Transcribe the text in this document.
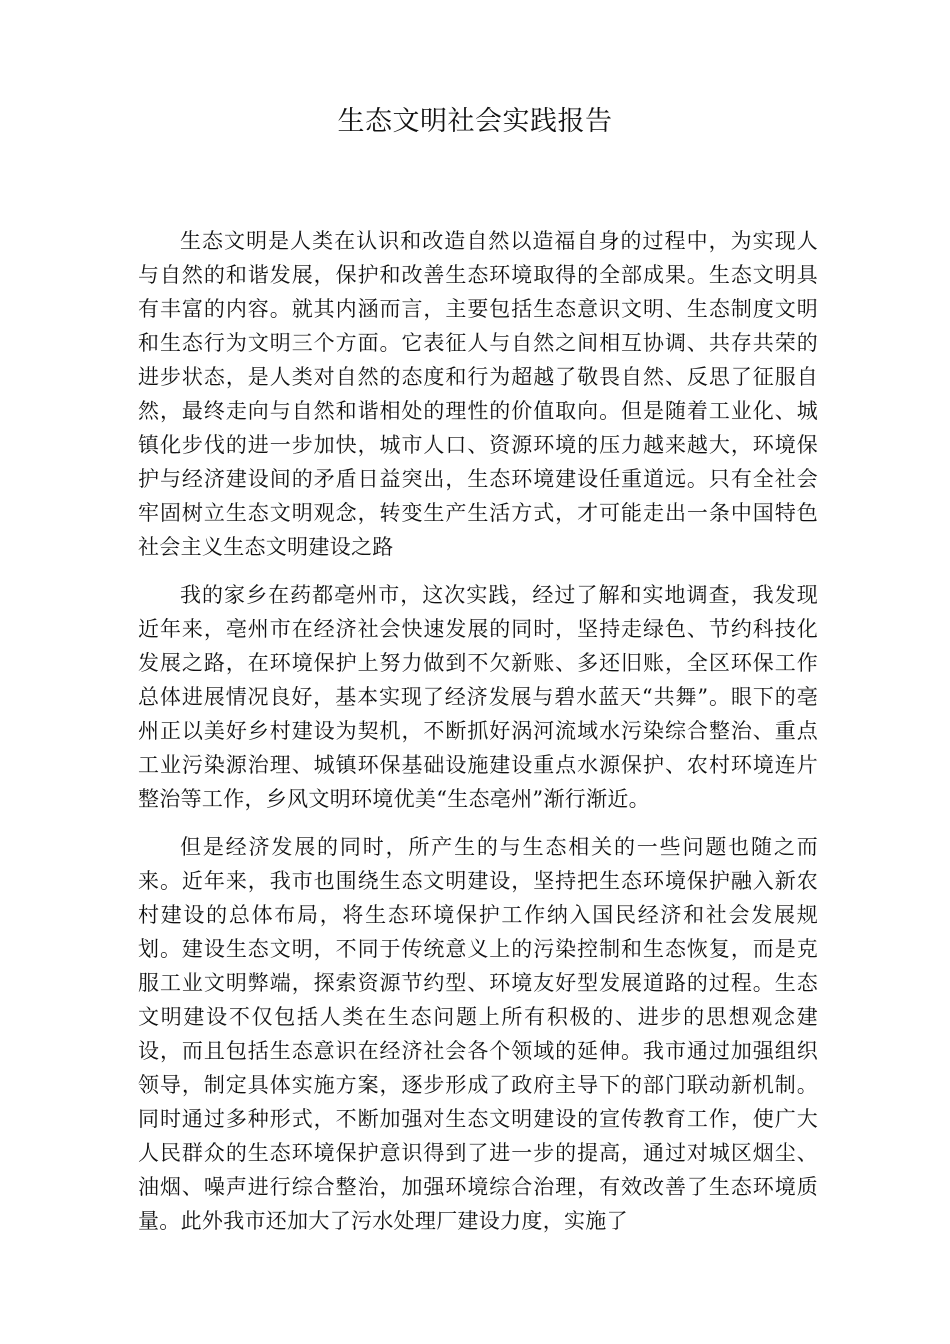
生态文明社会实践报告

生态文明是人类在认识和改造自然以造福自身的过程中，为实现人与自然的和谐发展，保护和改善生态环境取得的全部成果。生态文明具有丰富的内容。就其内涵而言，主要包括生态意识文明、生态制度文明和生态行为文明三个方面。它表征人与自然之间相互协调、共存共荣的进步状态，是人类对自然的态度和行为超越了敬畏自然、反思了征服自然，最终走向与自然和谐相处的理性的价值取向。但是随着工业化、城镇化步伐的进一步加快，城市人口、资源环境的压力越来越大，环境保护与经济建设间的矛盾日益突出，生态环境建设任重道远。只有全社会牢固树立生态文明观念，转变生产生活方式，才可能走出一条中国特色社会主义生态文明建设之路

我的家乡在药都亳州市，这次实践，经过了解和实地调查，我发现近年来，亳州市在经济社会快速发展的同时，坚持走绿色、节约科技化发展之路，在环境保护上努力做到不欠新账、多还旧账，全区环保工作总体进展情况良好，基本实现了经济发展与碧水蓝天“共舞”。眼下的亳州正以美好乡村建设为契机，不断抓好涡河流域水污染综合整治、重点工业污染源治理、城镇环保基础设施建设重点水源保护、农村环境连片整治等工作，乡风文明环境优美“生态亳州”渐行渐近。

但是经济发展的同时，所产生的与生态相关的一些问题也随之而来。近年来，我市也围绕生态文明建设，坚持把生态环境保护融入新农村建设的总体布局，将生态环境保护工作纳入国民经济和社会发展规划。建设生态文明，不同于传统意义上的污染控制和生态恢复，而是克服工业文明弊端，探索资源节约型、环境友好型发展道路的过程。生态文明建设不仅包括人类在生态问题上所有积极的、进步的思想观念建设，而且包括生态意识在经济社会各个领域的延伸。我市通过加强组织领导，制定具体实施方案，逐步形成了政府主导下的部门联动新机制。同时通过多种形式，不断加强对生态文明建设的宣传教育工作，使广大人民群众的生态环境保护意识得到了进一步的提高，通过对城区烟尘、油烟、噪声进行综合整治，加强环境综合治理，有效改善了生态环境质量。此外我市还加大了污水处理厂建设力度，实施了
